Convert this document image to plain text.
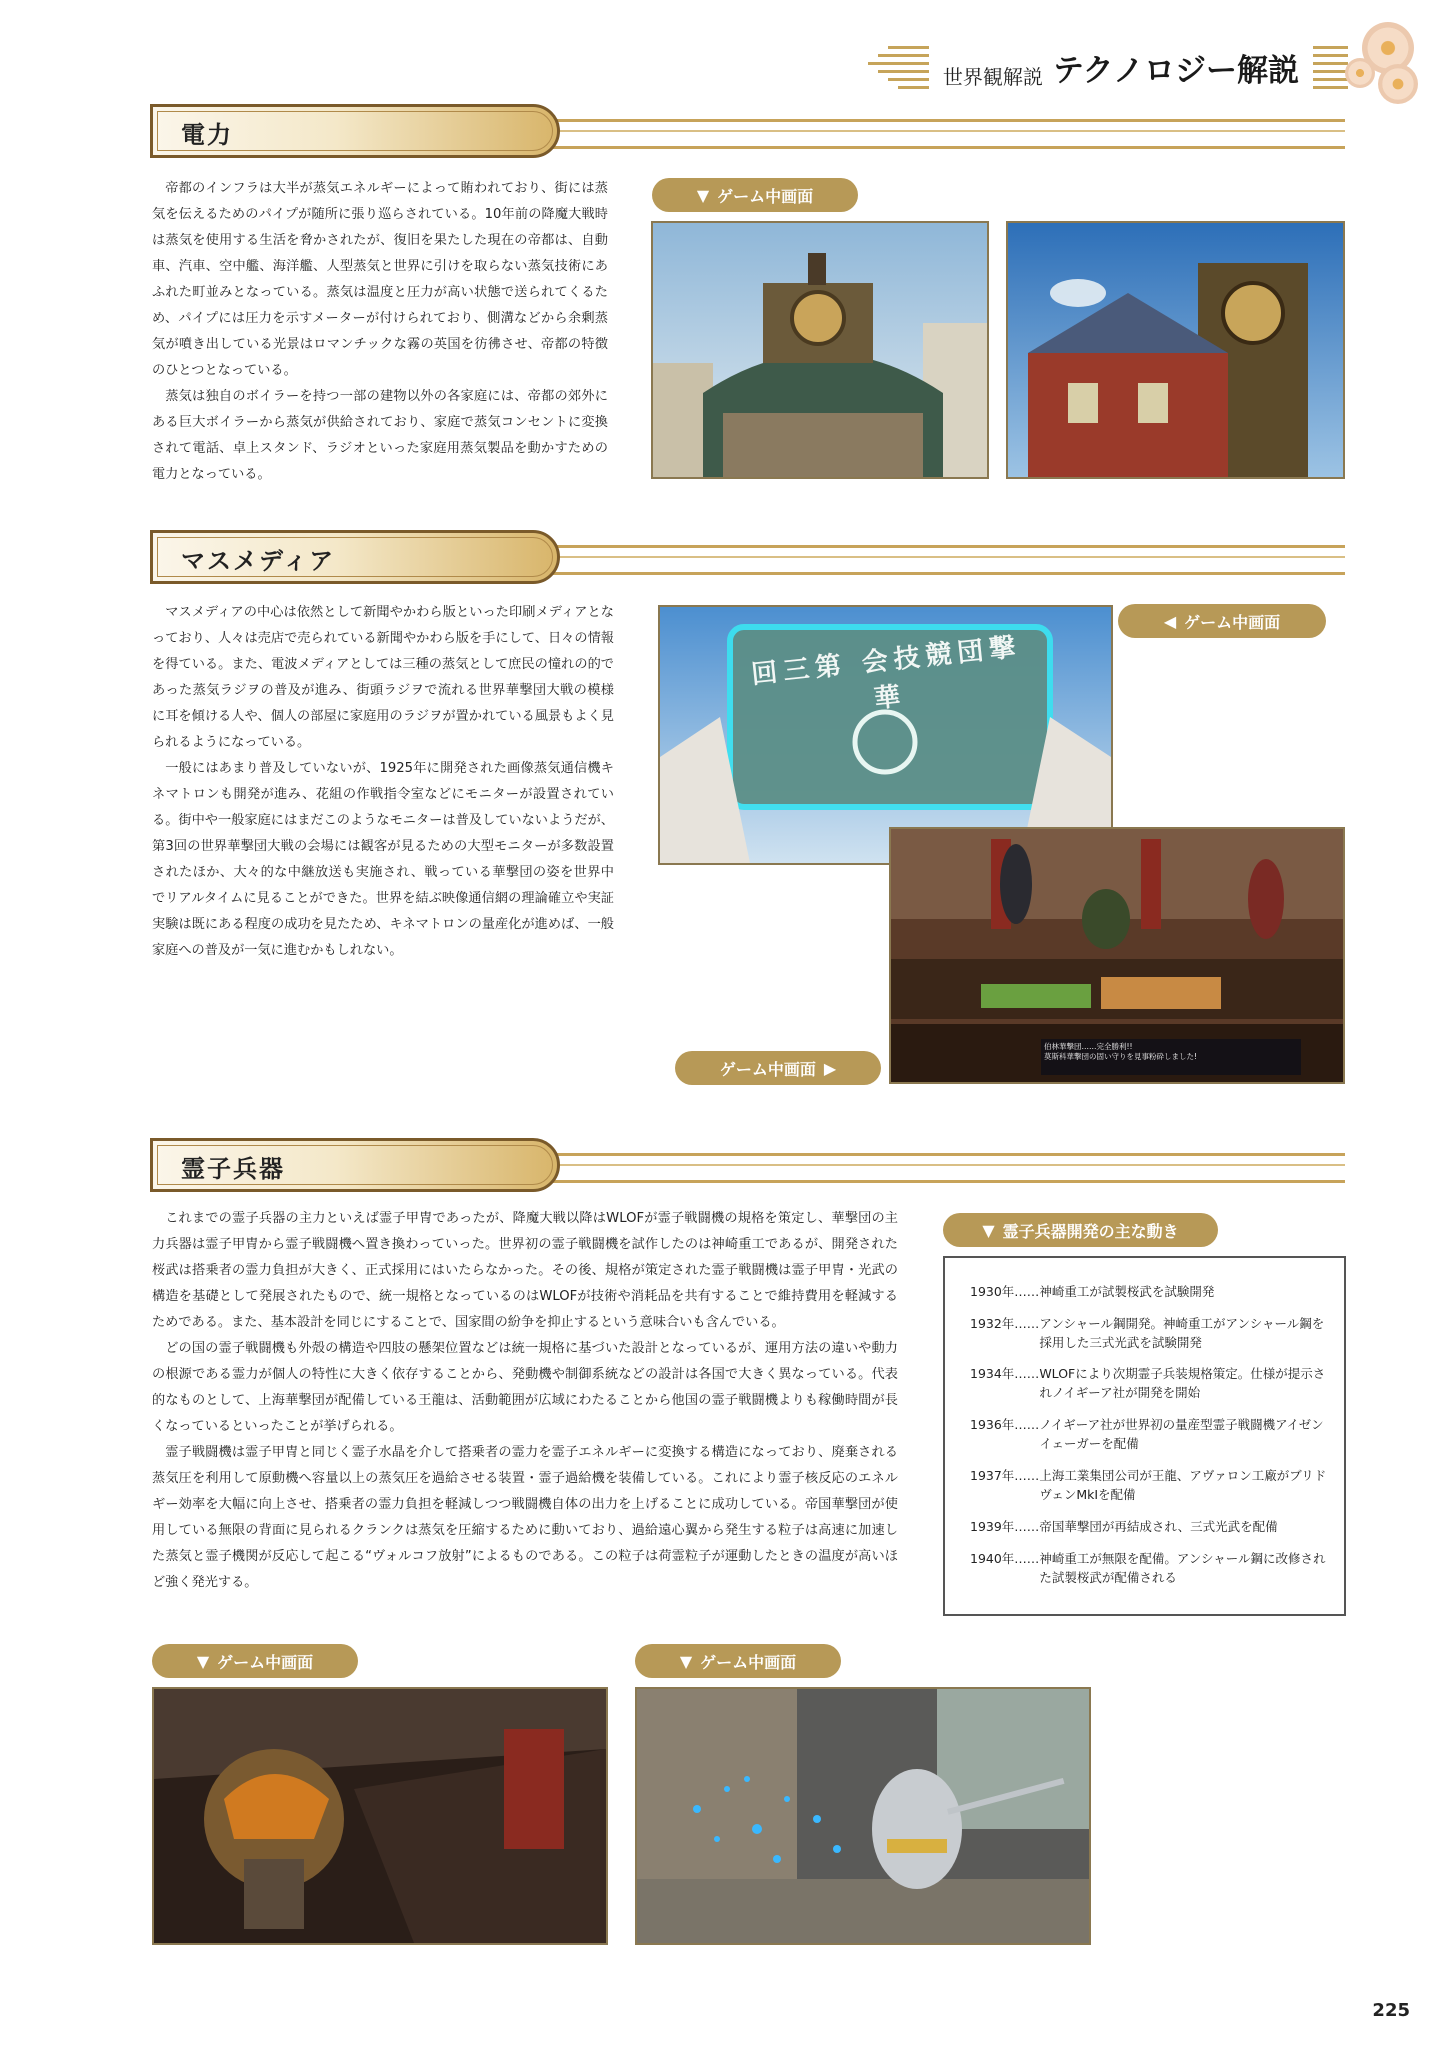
世界観解説 テクノロジー解説
電力

帝都のインフラは大半が蒸気エネルギーによって賄われており、街には蒸気を伝えるためのパイプが随所に張り巡らされている。10年前の降魔大戦時は蒸気を使用する生活を脅かされたが、復旧を果たした現在の帝都は、自動車、汽車、空中艦、海洋艦、人型蒸気と世界に引けを取らない蒸気技術にあふれた町並みとなっている。蒸気は温度と圧力が高い状態で送られてくるため、パイプには圧力を示すメーターが付けられており、側溝などから余剰蒸気が噴き出している光景はロマンチックな霧の英国を彷彿させ、帝都の特徴のひとつとなっている。

蒸気は独自のボイラーを持つ一部の建物以外の各家庭には、帝都の郊外にある巨大ボイラーから蒸気が供給されており、家庭で蒸気コンセントに変換されて電話、卓上スタンド、ラジオといった家庭用蒸気製品を動かすための電力となっている。

▼ ゲーム中画面
マスメディア

マスメディアの中心は依然として新聞やかわら版といった印刷メディアとなっており、人々は売店で売られている新聞やかわら版を手にして、日々の情報を得ている。また、電波メディアとしては三種の蒸気として庶民の憧れの的であった蒸気ラジヲの普及が進み、街頭ラジヲで流れる世界華撃団大戦の模様に耳を傾ける人や、個人の部屋に家庭用のラジヲが置かれている風景もよく見られるようになっている。

一般にはあまり普及していないが、1925年に開発された画像蒸気通信機キネマトロンも開発が進み、花組の作戦指令室などにモニターが設置されている。街中や一般家庭にはまだこのようなモニターは普及していないようだが、第3回の世界華撃団大戦の会場には観客が見るための大型モニターが多数設置されたほか、大々的な中継放送も実施され、戦っている華撃団の姿を世界中でリアルタイムに見ることができた。世界を結ぶ映像通信網の理論確立や実証実験は既にある程度の成功を見たため、キネマトロンの量産化が進めば、一般家庭への普及が一気に進むかもしれない。

回三第 会技競団撃華
◀ ゲーム中画面
伯林華撃団……完全勝利!!
莫斯科華撃団の固い守りを見事粉砕しました!
ゲーム中画面 ▶
霊子兵器

これまでの霊子兵器の主力といえば霊子甲冑であったが、降魔大戦以降はWLOFが霊子戦闘機の規格を策定し、華撃団の主力兵器は霊子甲冑から霊子戦闘機へ置き換わっていった。世界初の霊子戦闘機を試作したのは神崎重工であるが、開発された桜武は搭乗者の霊力負担が大きく、正式採用にはいたらなかった。その後、規格が策定された霊子戦闘機は霊子甲冑・光武の構造を基礎として発展されたもので、統一規格となっているのはWLOFが技術や消耗品を共有することで維持費用を軽減するためである。また、基本設計を同じにすることで、国家間の紛争を抑止するという意味合いも含んでいる。

どの国の霊子戦闘機も外殻の構造や四肢の懸架位置などは統一規格に基づいた設計となっているが、運用方法の違いや動力の根源である霊力が個人の特性に大きく依存することから、発動機や制御系統などの設計は各国で大きく異なっている。代表的なものとして、上海華撃団が配備している王龍は、活動範囲が広域にわたることから他国の霊子戦闘機よりも稼働時間が長くなっているといったことが挙げられる。

霊子戦闘機は霊子甲冑と同じく霊子水晶を介して搭乗者の霊力を霊子エネルギーに変換する構造になっており、廃棄される蒸気圧を利用して原動機へ容量以上の蒸気圧を過給させる装置・霊子過給機を装備している。これにより霊子核反応のエネルギー効率を大幅に向上させ、搭乗者の霊力負担を軽減しつつ戦闘機自体の出力を上げることに成功している。帝国華撃団が使用している無限の背面に見られるクランクは蒸気を圧縮するために動いており、過給遠心翼から発生する粒子は高速に加速した蒸気と霊子機関が反応して起こる“ヴォルコフ放射”によるものである。この粒子は荷霊粒子が運動したときの温度が高いほど強く発光する。

▼ 霊子兵器開発の主な動き
1930年…… 神崎重工が試製桜武を試験開発
1932年…… アンシャール鋼開発。神崎重工がアンシャール鋼を採用した三式光武を試験開発
1934年…… WLOFにより次期霊子兵装規格策定。仕様が提示されノイギーア社が開発を開始
1936年…… ノイギーア社が世界初の量産型霊子戦闘機アイゼンイェーガーを配備
1937年…… 上海工業集団公司が王龍、アヴァロン工廠がブリドヴェンMkIを配備
1939年…… 帝国華撃団が再結成され、三式光武を配備
1940年…… 神崎重工が無限を配備。アンシャール鋼に改修された試製桜武が配備される
▼ ゲーム中画面	▼ ゲーム中画面
225
